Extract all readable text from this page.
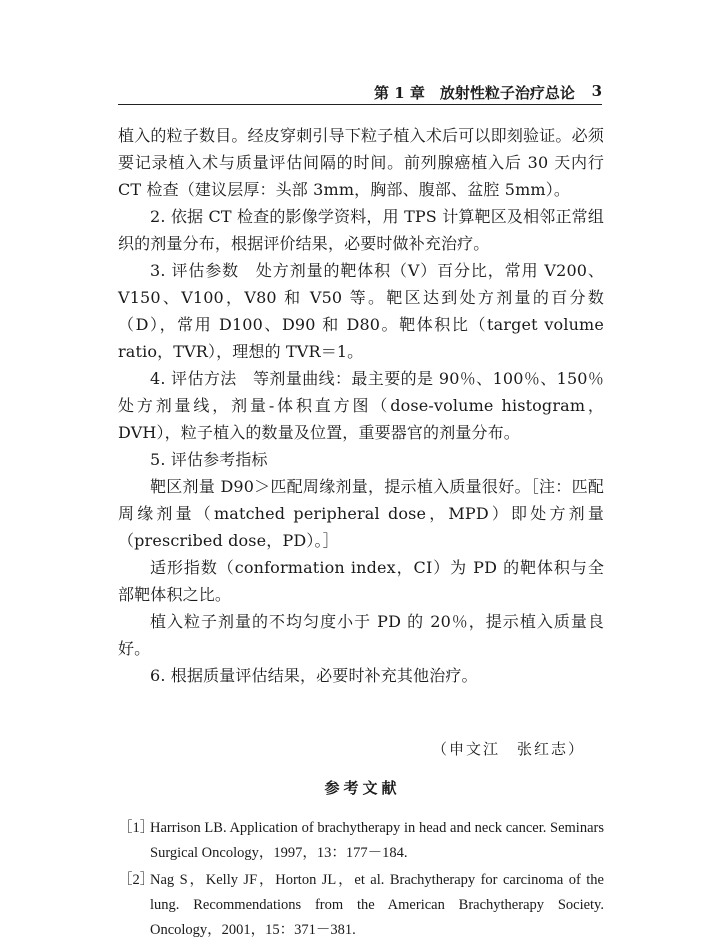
第 1 章　放射性粒子治疗总论 3

植入的粒子数目。经皮穿刺引导下粒子植入术后可以即刻验证。必须要记录植入术与质量评估间隔的时间。前列腺癌植入后 30 天内行 CT 检查（建议层厚：头部 3mm，胸部、腹部、盆腔 5mm）。

2. 依据 CT 检查的影像学资料，用 TPS 计算靶区及相邻正常组织的剂量分布，根据评价结果，必要时做补充治疗。

3. 评估参数　处方剂量的靶体积（V）百分比，常用 V200、V150、V100，V80 和 V50 等。靶区达到处方剂量的百分数（D），常用 D100、D90 和 D80。靶体积比（target volume ratio，TVR），理想的 TVR＝1。

4. 评估方法　等剂量曲线：最主要的是 90％、100％、150％处方剂量线，剂量-体积直方图（dose-volume histogram，DVH），粒子植入的数量及位置，重要器官的剂量分布。

5. 评估参考指标

靶区剂量 D90＞匹配周缘剂量，提示植入质量很好。［注：匹配周缘剂量（matched peripheral dose，MPD）即处方剂量（prescribed dose，PD）。］

适形指数（conformation index，CI）为 PD 的靶体积与全部靶体积之比。

植入粒子剂量的不均匀度小于 PD 的 20％，提示植入质量良好。

6. 根据质量评估结果，必要时补充其他治疗。

（申文江　张红志）
参考文献
［1］
Harrison LB. Application of brachytherapy in head and neck cancer. Seminars Surgical Oncology，1997，13：177－184.
［2］
Nag S，Kelly JF，Horton JL，et al. Brachytherapy for carcinoma of the lung. Recommendations from the American Brachytherapy Society. Oncology，2001，15：371－381.
